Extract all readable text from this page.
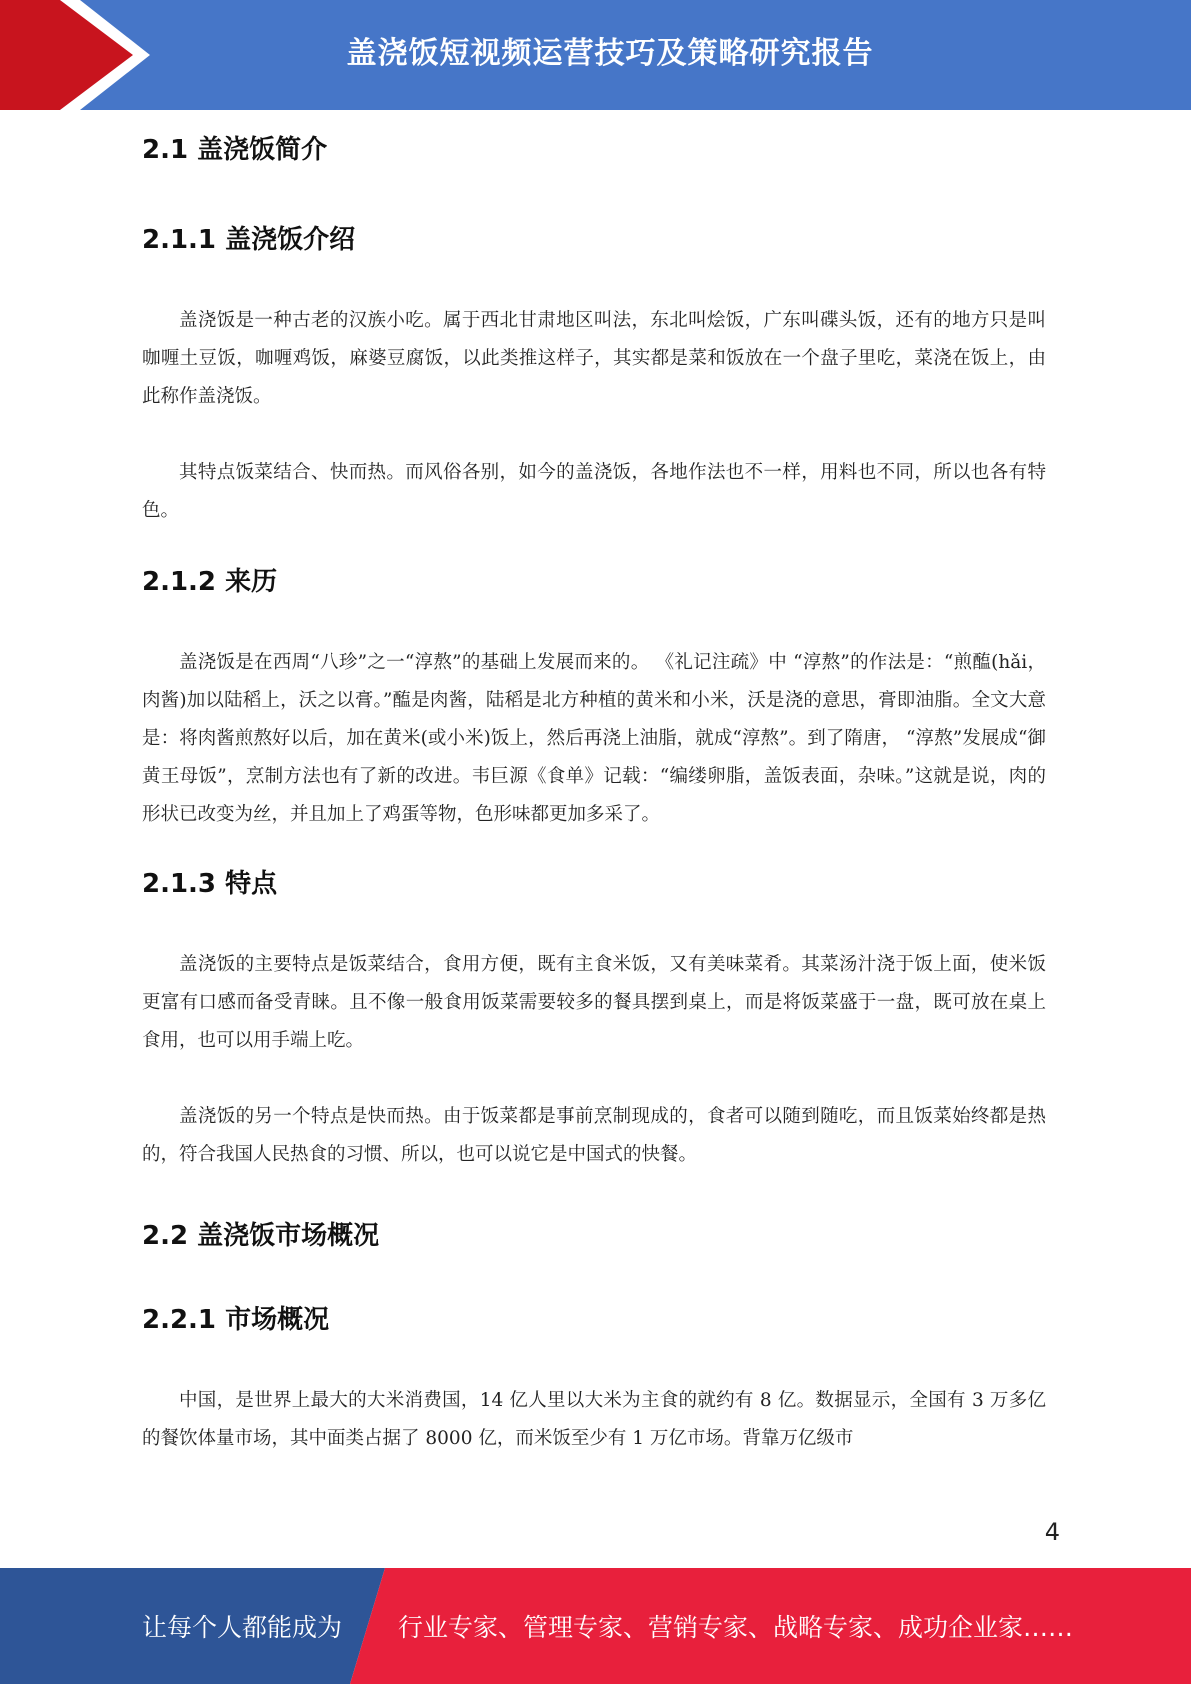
盖浇饭短视频运营技巧及策略研究报告
2.1 盖浇饭简介
2.1.1 盖浇饭介绍

盖浇饭是一种古老的汉族小吃。属于西北甘肃地区叫法，东北叫烩饭，广东叫碟头饭，还有的地方只是叫咖喱土豆饭，咖喱鸡饭，麻婆豆腐饭，以此类推这样子，其实都是菜和饭放在一个盘子里吃，菜浇在饭上，由此称作盖浇饭。

其特点饭菜结合、快而热。而风俗各别，如今的盖浇饭，各地作法也不一样，用料也不同，所以也各有特色。

2.1.2 来历

盖浇饭是在西周“八珍”之一“淳熬”的基础上发展而来的。 《礼记注疏》中 “淳熬”的作法是：“煎醢(hǎi，肉酱)加以陆稻上，沃之以膏。”醢是肉酱，陆稻是北方种植的黄米和小米，沃是浇的意思，膏即油脂。全文大意是：将肉酱煎熬好以后，加在黄米(或小米)饭上，然后再浇上油脂，就成“淳熬”。到了隋唐， “淳熬”发展成“御黄王母饭”，烹制方法也有了新的改进。韦巨源《食单》记载：“编缕卵脂，盖饭表面，杂味。”这就是说，肉的形状已改变为丝，并且加上了鸡蛋等物，色形味都更加多采了。

2.1.3 特点

盖浇饭的主要特点是饭菜结合，食用方便，既有主食米饭，又有美味菜肴。其菜汤汁浇于饭上面，使米饭更富有口感而备受青睐。且不像一般食用饭菜需要较多的餐具摆到桌上，而是将饭菜盛于一盘，既可放在桌上食用，也可以用手端上吃。

盖浇饭的另一个特点是快而热。由于饭菜都是事前烹制现成的，食者可以随到随吃，而且饭菜始终都是热的，符合我国人民热食的习惯、所以，也可以说它是中国式的快餐。

2.2 盖浇饭市场概况
2.2.1 市场概况

中国，是世界上最大的大米消费国，14 亿人里以大米为主食的就约有 8 亿。数据显示，全国有 3 万多亿的餐饮体量市场，其中面类占据了 8000 亿，而米饭至少有 1 万亿市场。背靠万亿级市

4
让每个人都能成为 行业专家、管理专家、营销专家、战略专家、成功企业家……
